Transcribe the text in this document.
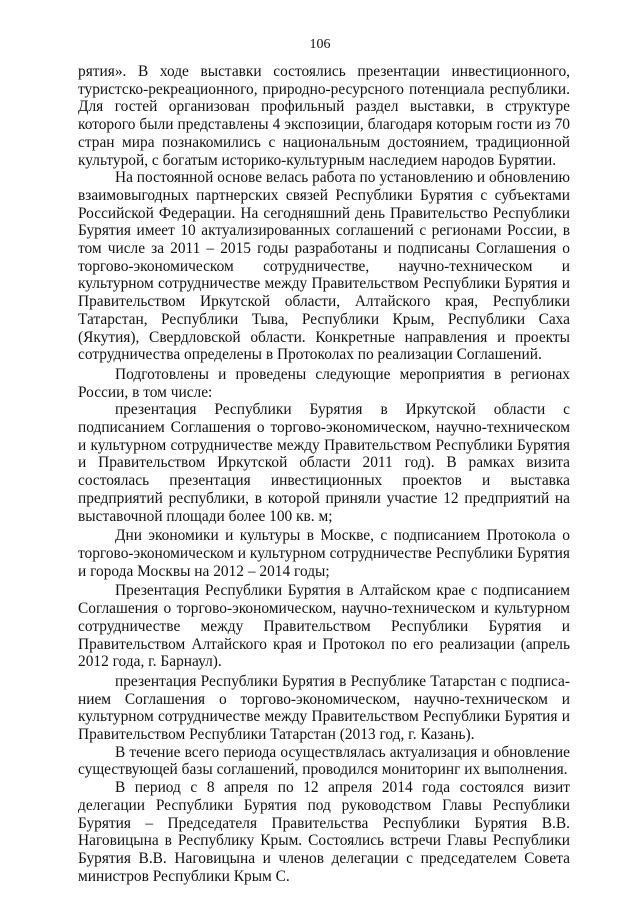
106

рятия». В ходе выставки состоялись презентации инвестиционного, туристско-рекреационного, природно-ресурсного потенциала республики. Для гостей организован профильный раздел выставки, в структуре которого были представлены 4 экспозиции, благодаря которым гости из 70 стран мира познакомились с национальным достоянием, традиционной культурой, с богатым историко-культурным наследием народов Бурятии.

На постоянной основе велась работа по установлению и обновлению взаимовыгодных партнерских связей Республики Бурятия с субъектами Российской Федерации. На сегодняшний день Правительство Республики Бурятия имеет 10 актуализированных соглашений с регионами России, в том числе за 2011 – 2015 годы разработаны и подписаны Соглашения о торгово-экономическом сотрудничестве, научно-техническом и культурном сотрудничестве между Правительством Республики Бурятия и Правительством Иркутской области, Алтайского края, Республики Татарстан, Республики Тыва, Республики Крым, Республики Саха (Якутия), Свердловской области. Конкретные направления и проекты сотрудничества определены в Протоколах по реализации Соглашений.

Подготовлены и проведены следующие мероприятия в регионах России, в том числе:

презентация Республики Бурятия в Иркутской области с подписанием Соглашения о торгово-экономическом, научно-техническом и культурном сотрудничестве между Правительством Республики Бурятия и Правительством Иркутской области 2011 год). В рамках визита состоялась презентация инвестиционных проектов и выставка предприятий республики, в которой приняли участие 12 предприятий на выставочной площади более 100 кв. м;

Дни экономики и культуры в Москве, с подписанием Протокола о торгово-экономическом и культурном сотрудничестве Республики Бурятия и города Москвы на 2012 – 2014 годы;

Презентация Республики Бурятия в Алтайском крае с подписанием Соглашения о торгово-экономическом, научно-техническом и культурном сотрудничестве между Правительством Республики Бурятия и Правительством Алтайского края и Протокол по его реализации (апрель 2012 года, г. Барнаул).

презентация Республики Бурятия в Республике Татарстан с подписанием Соглашения о торгово-экономическом, научно-техническом и культурном сотрудничестве между Правительством Республики Бурятия и Правительством Республики Татарстан (2013 год, г. Казань).

В течение всего периода осуществлялась актуализация и обновление существующей базы соглашений, проводился мониторинг их выполнения.

В период с 8 апреля по 12 апреля 2014 года состоялся визит делегации Республики Бурятия под руководством Главы Республики Бурятия – Председателя Правительства Республики Бурятия В.В. Наговицына в Республику Крым. Состоялись встречи Главы Республики Бурятия В.В. Наговицына и членов делегации с председателем Совета министров Республики Крым С.
